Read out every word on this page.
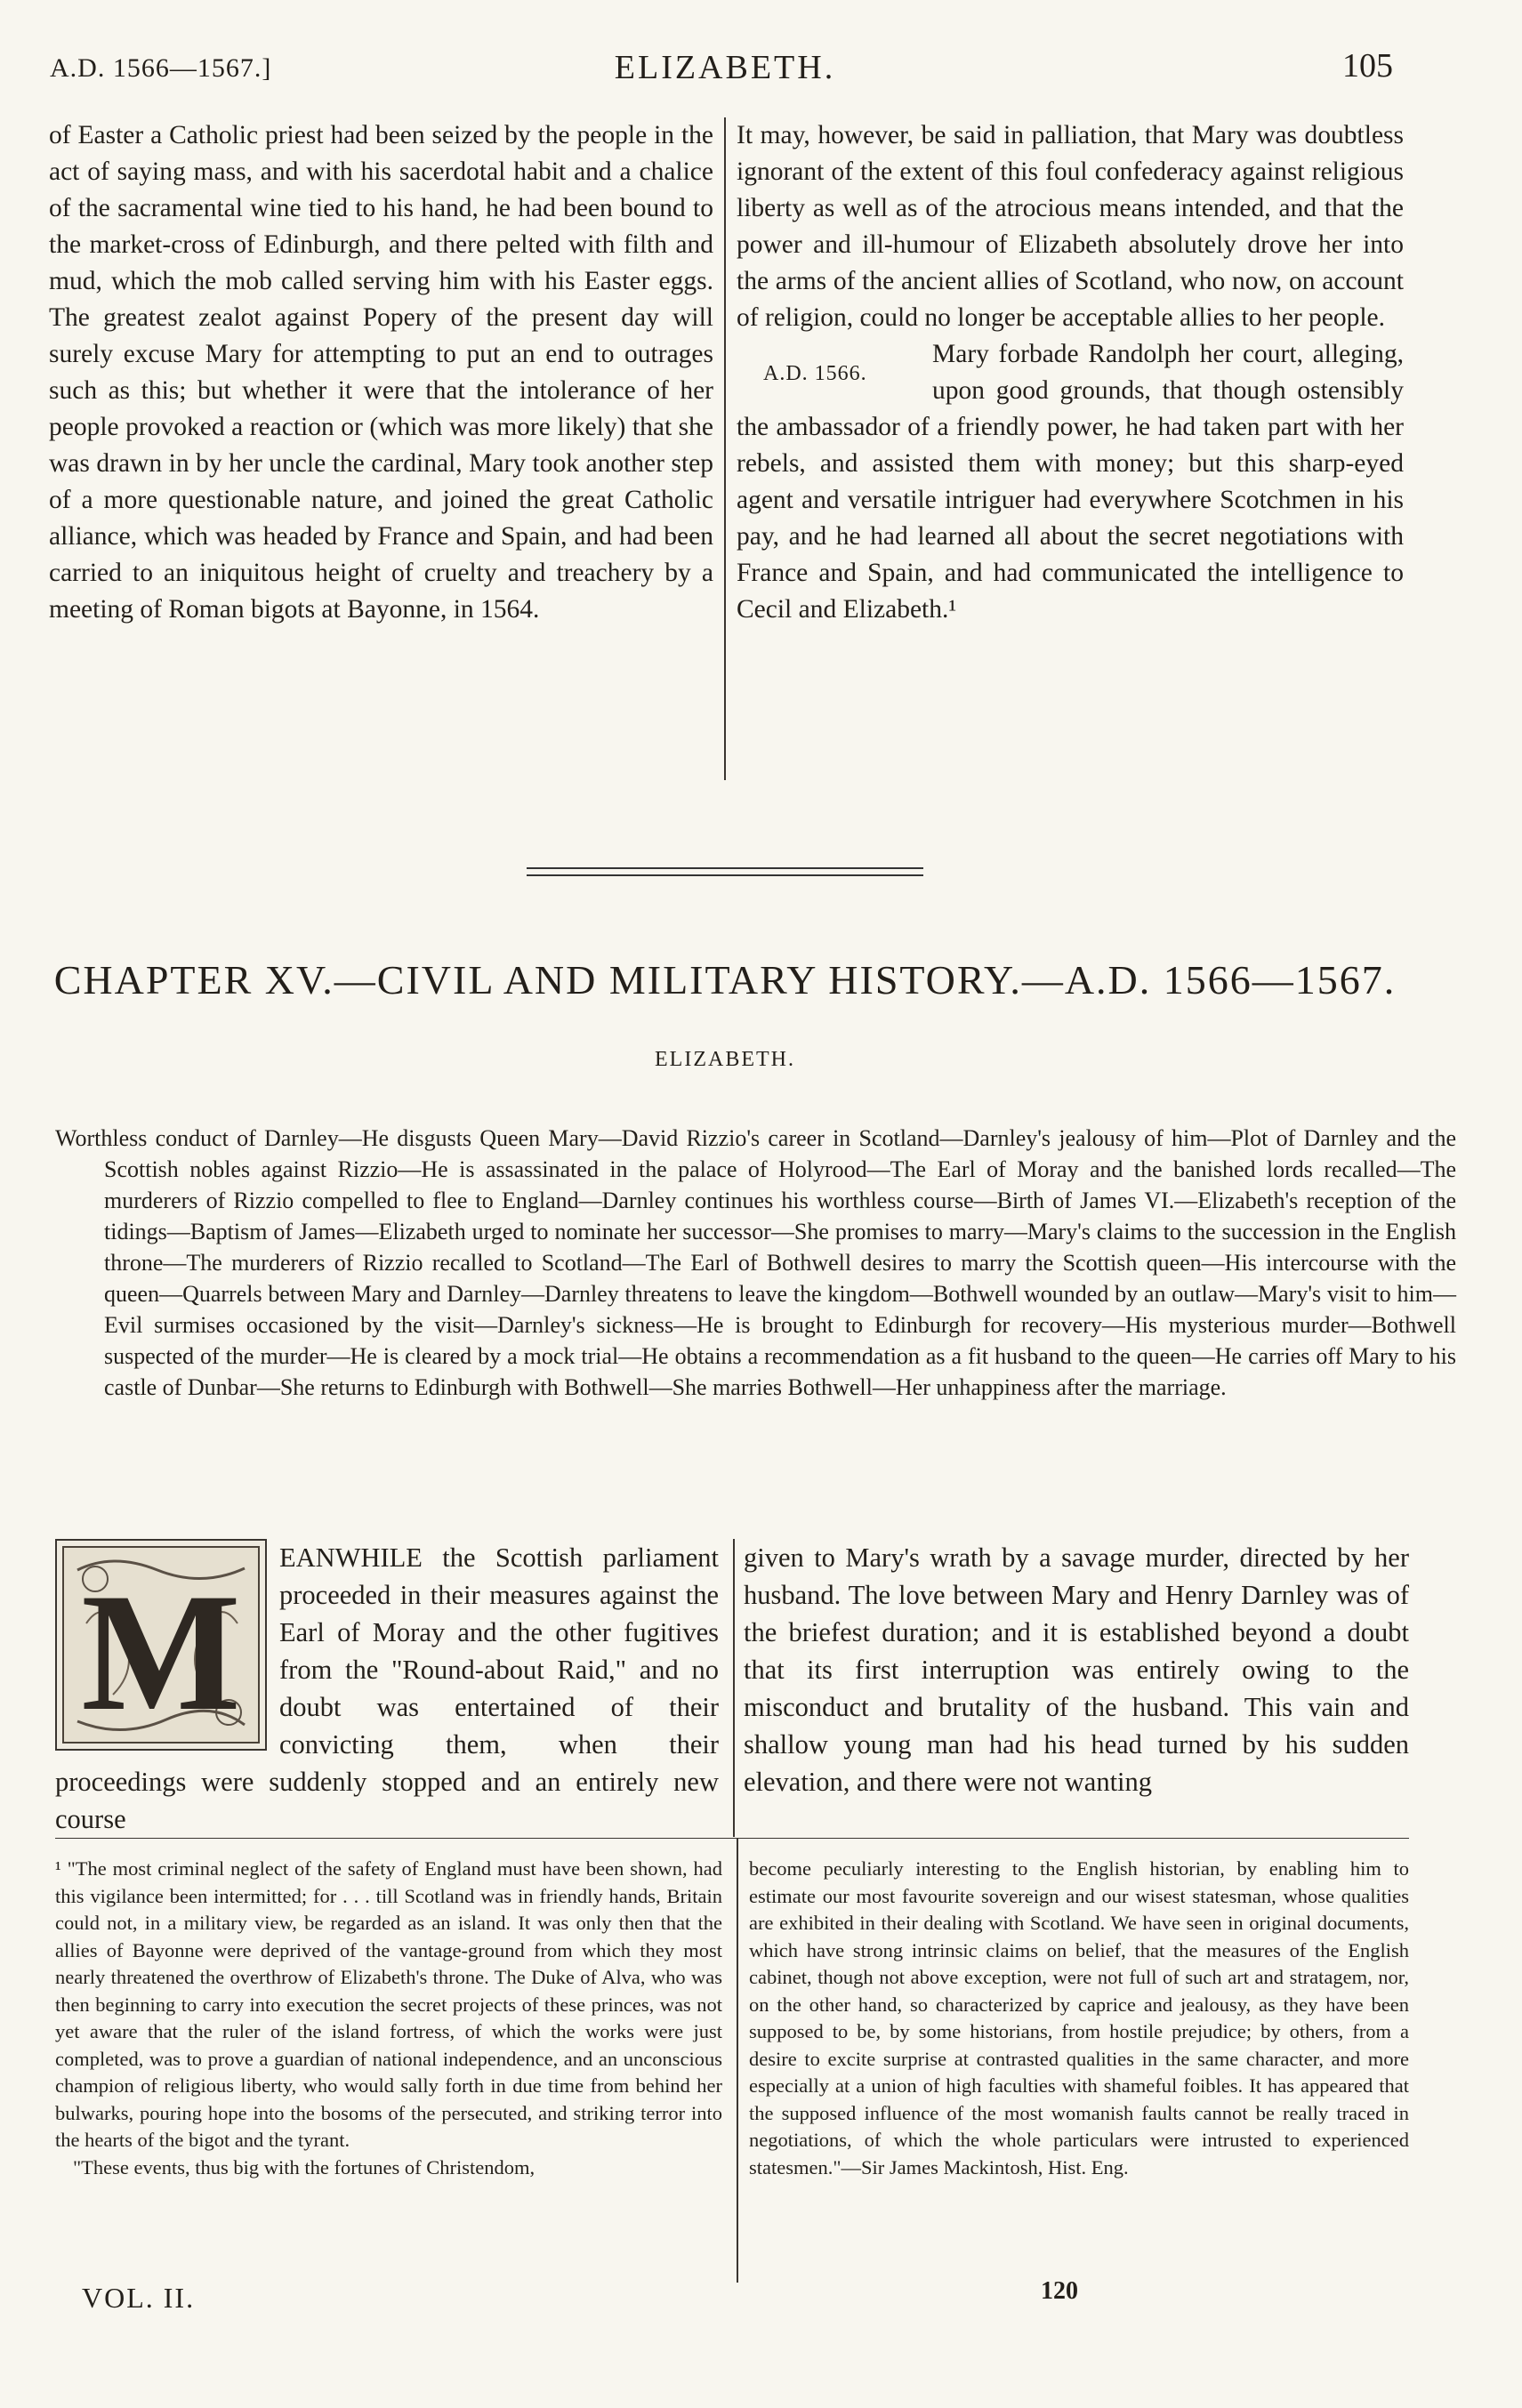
A.D. 1566—1567.]	ELIZABETH.	105

of Easter a Catholic priest had been seized by the people in the act of saying mass, and with his sacerdotal habit and a chalice of the sacramental wine tied to his hand, he had been bound to the market-cross of Edinburgh, and there pelted with filth and mud, which the mob called serving him with his Easter eggs. The greatest zealot against Popery of the present day will surely excuse Mary for attempting to put an end to outrages such as this; but whether it were that the intolerance of her people provoked a reaction or (which was more likely) that she was drawn in by her uncle the cardinal, Mary took another step of a more questionable nature, and joined the great Catholic alliance, which was headed by France and Spain, and had been carried to an iniquitous height of cruelty and treachery by a meeting of Roman bigots at Bayonne, in 1564.

It may, however, be said in palliation, that Mary was doubtless ignorant of the extent of this foul confederacy against religious liberty as well as of the atrocious means intended, and that the power and ill-humour of Elizabeth absolutely drove her into the arms of the ancient allies of Scotland, who now, on account of religion, could no longer be acceptable allies to her people.

A.D. 1566.

Mary forbade Randolph her court, alleging, upon good grounds, that though ostensibly the ambassador of a friendly power, he had taken part with her rebels, and assisted them with money; but this sharp-eyed agent and versatile intriguer had everywhere Scotchmen in his pay, and he had learned all about the secret negotiations with France and Spain, and had communicated the intelligence to Cecil and Elizabeth.¹

CHAPTER XV.—CIVIL AND MILITARY HISTORY.—A.D. 1566—1567.
ELIZABETH.
Worthless conduct of Darnley—He disgusts Queen Mary—David Rizzio's career in Scotland—Darnley's jealousy of him—Plot of Darnley and the Scottish nobles against Rizzio—He is assassinated in the palace of Holyrood—The Earl of Moray and the banished lords recalled—The murderers of Rizzio compelled to flee to England—Darnley continues his worthless course—Birth of James VI.—Elizabeth's reception of the tidings—Baptism of James—Elizabeth urged to nominate her successor—She promises to marry—Mary's claims to the succession in the English throne—The murderers of Rizzio recalled to Scotland—The Earl of Bothwell desires to marry the Scottish queen—His intercourse with the queen—Quarrels between Mary and Darnley—Darnley threatens to leave the kingdom—Bothwell wounded by an outlaw—Mary's visit to him—Evil surmises occasioned by the visit—Darnley's sickness—He is brought to Edinburgh for recovery—His mysterious murder—Bothwell suspected of the murder—He is cleared by a mock trial—He obtains a recommendation as a fit husband to the queen—He carries off Mary to his castle of Dunbar—She returns to Edinburgh with Bothwell—She marries Bothwell—Her unhappiness after the marriage.
M
EANWHILE the Scottish parliament proceeded in their measures against the Earl of Moray and the other fugitives from the "Round-about Raid," and no doubt was entertained of their convicting them, when their proceedings were suddenly stopped and an entirely new course
given to Mary's wrath by a savage murder, directed by her husband. The love between Mary and Henry Darnley was of the briefest duration; and it is established beyond a doubt that its first interruption was entirely owing to the misconduct and brutality of the husband. This vain and shallow young man had his head turned by his sudden elevation, and there were not wanting

¹ "The most criminal neglect of the safety of England must have been shown, had this vigilance been intermitted; for . . . till Scotland was in friendly hands, Britain could not, in a military view, be regarded as an island. It was only then that the allies of Bayonne were deprived of the vantage-ground from which they most nearly threatened the overthrow of Elizabeth's throne. The Duke of Alva, who was then beginning to carry into execution the secret projects of these princes, was not yet aware that the ruler of the island fortress, of which the works were just completed, was to prove a guardian of national independence, and an unconscious champion of religious liberty, who would sally forth in due time from behind her bulwarks, pouring hope into the bosoms of the persecuted, and striking terror into the hearts of the bigot and the tyrant.

"These events, thus big with the fortunes of Christendom,

become peculiarly interesting to the English historian, by enabling him to estimate our most favourite sovereign and our wisest statesman, whose qualities are exhibited in their dealing with Scotland. We have seen in original documents, which have strong intrinsic claims on belief, that the measures of the English cabinet, though not above exception, were not full of such art and stratagem, nor, on the other hand, so characterized by caprice and jealousy, as they have been supposed to be, by some historians, from hostile prejudice; by others, from a desire to excite surprise at contrasted qualities in the same character, and more especially at a union of high faculties with shameful foibles. It has appeared that the supposed influence of the most womanish faults cannot be really traced in negotiations, of which the whole particulars were intrusted to experienced statesmen."—Sir James Mackintosh, Hist. Eng.

VOL. II.	120
